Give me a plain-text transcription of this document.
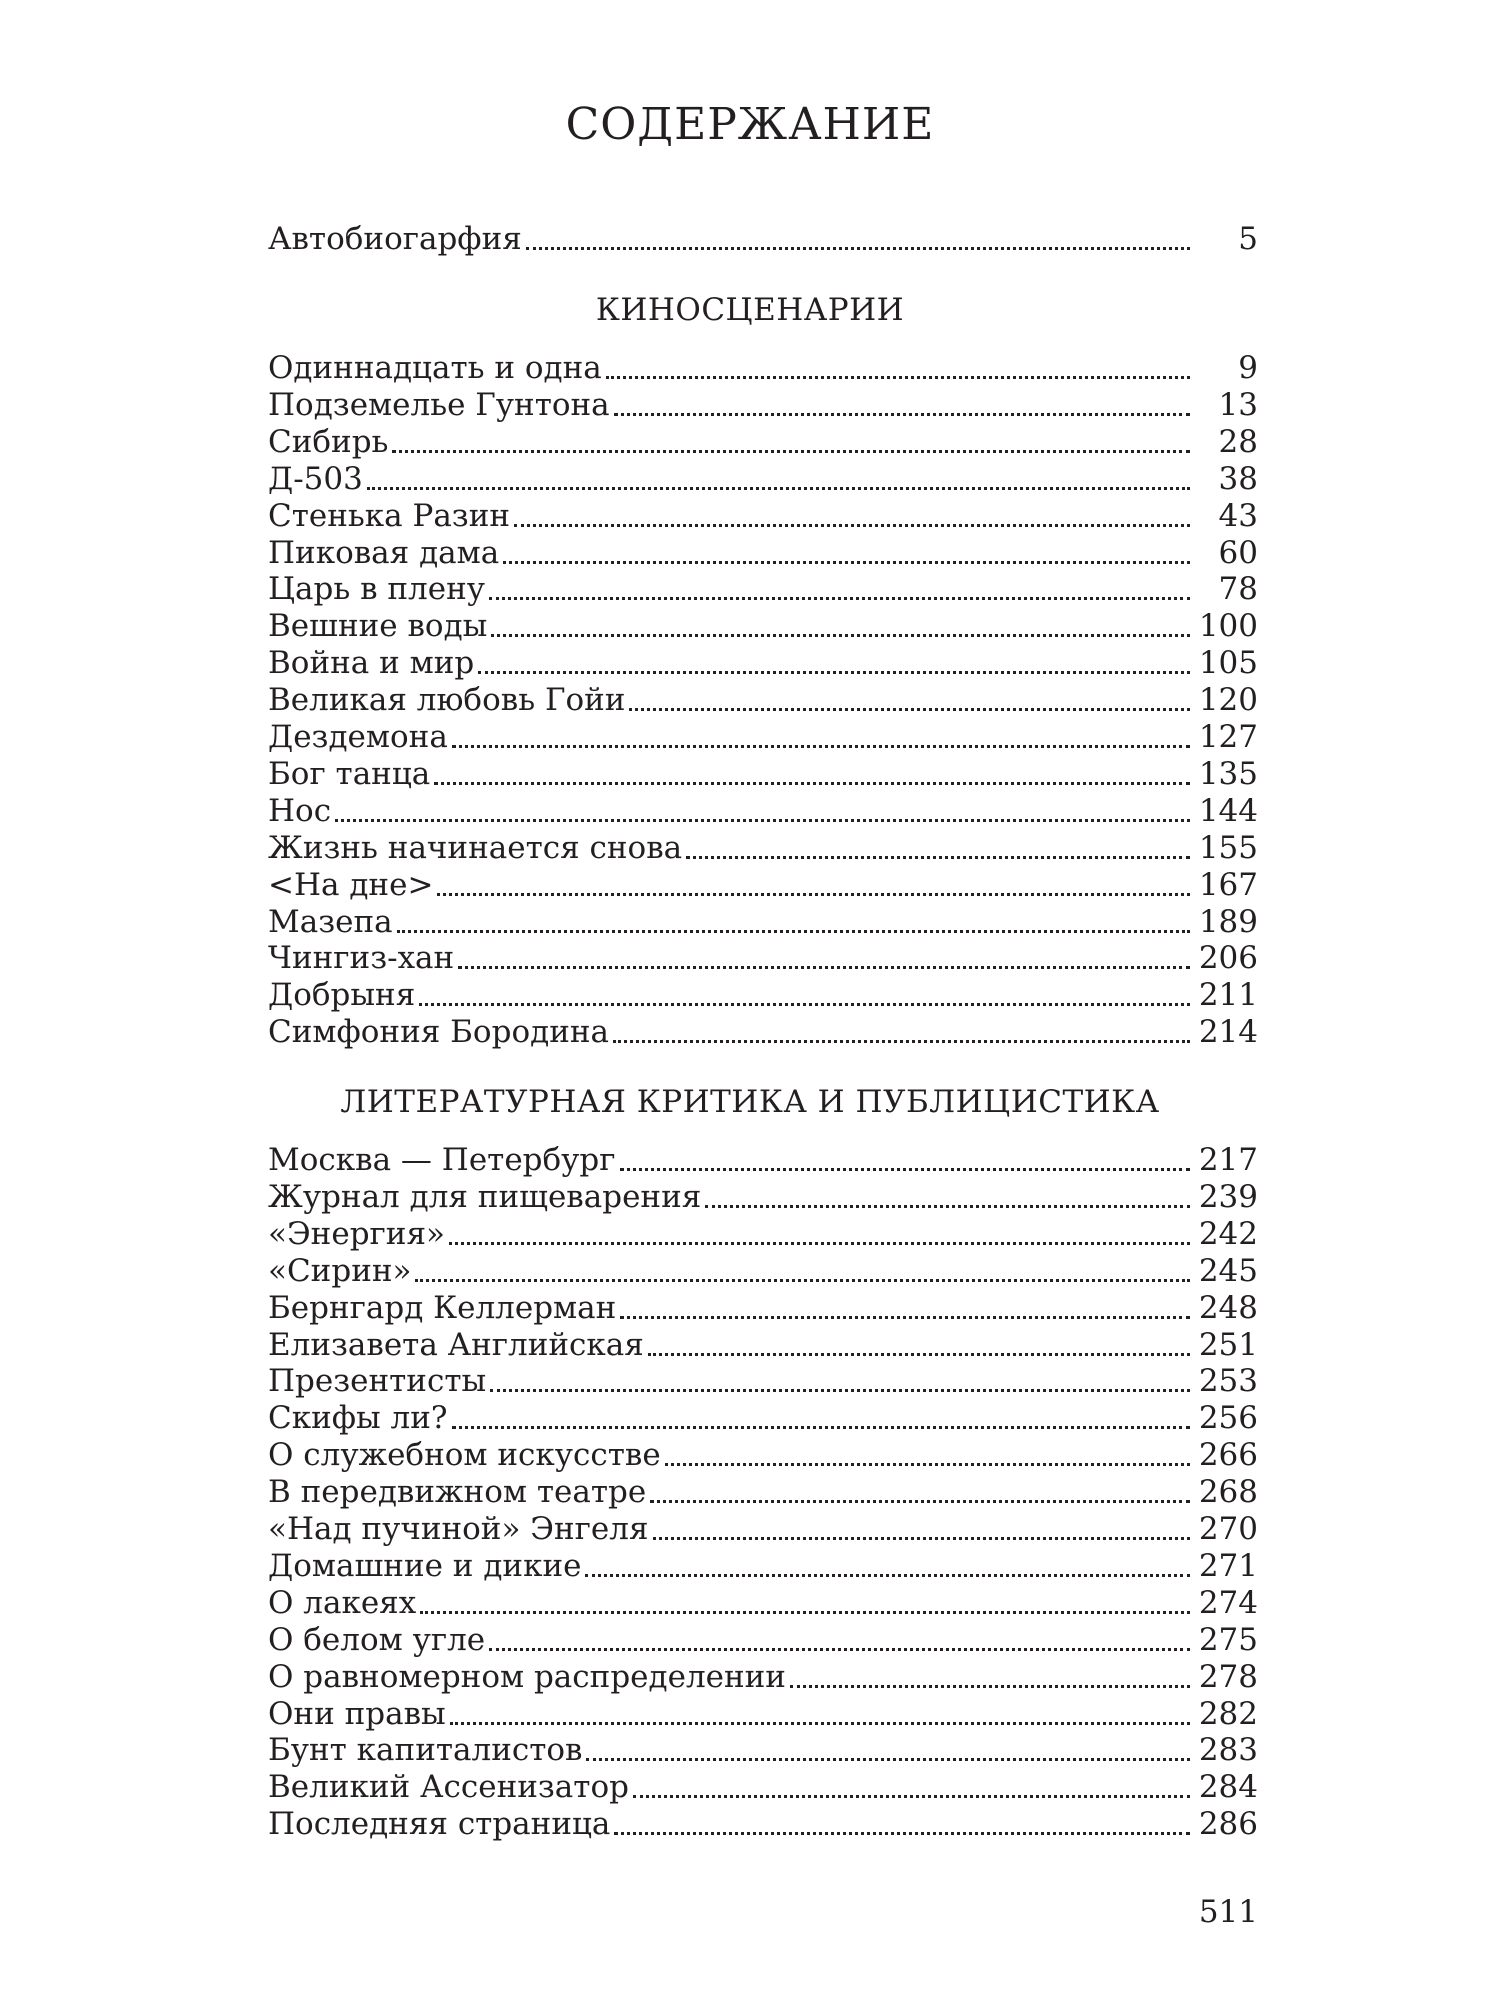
СОДЕРЖАНИЕ
Автобиогарфия	5
КИНОСЦЕНАРИИ
Одиннадцать и одна	9
Подземелье Гунтона	13
Сибирь	28
Д-503	38
Стенька Разин	43
Пиковая дама	60
Царь в плену	78
Вешние воды	100
Война и мир	105
Великая любовь Гойи	120
Дездемона	127
Бог танца	135
Нос	144
Жизнь начинается снова	155
<На дне>	167
Мазепа	189
Чингиз-хан	206
Добрыня	211
Симфония Бородина	214
ЛИТЕРАТУРНАЯ КРИТИКА И ПУБЛИЦИСТИКА
Москва — Петербург	217
Журнал для пищеварения	239
«Энергия»	242
«Сирин»	245
Бернгард Келлерман	248
Елизавета Английская	251
Презентисты	253
Скифы ли?	256
О служебном искусстве	266
В передвижном театре	268
«Над пучиной» Энгеля	270
Домашние и дикие	271
О лакеях	274
О белом угле	275
О равномерном распределении	278
Они правы	282
Бунт капиталистов	283
Великий Ассенизатор	284
Последняя страница	286
511
